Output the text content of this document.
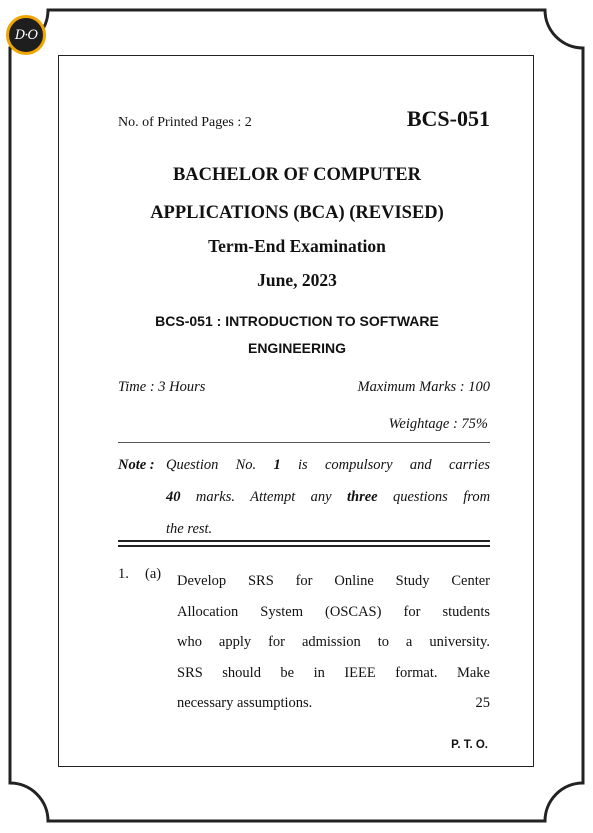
D·O
No. of Printed Pages : 2	BCS-051
BACHELOR OF COMPUTER
APPLICATIONS (BCA) (REVISED)
Term-End Examination
June, 2023
BCS-051 : INTRODUCTION TO SOFTWARE
ENGINEERING
Time : 3 Hours	Maximum Marks : 100
Weightage : 75%
Note : Question No. 1 is compulsory and carries
40 marks. Attempt any three questions from
the rest.
1. (a) Develop SRS for Online Study Center
Allocation System (OSCAS) for students
who apply for admission to a university.
SRS should be in IEEE format. Make
necessary assumptions.	25
P. T. O.
